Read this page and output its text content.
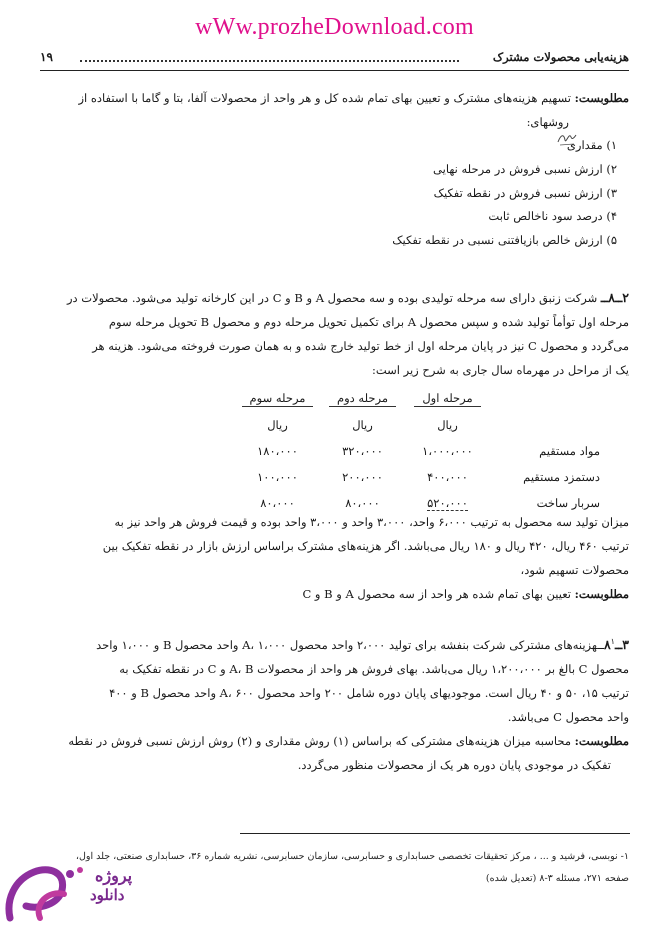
wWw.prozheDownload.com
هزینه‌یابی محصولات مشترک
۱۹
مطلوبست: تسهیم هزینه‌های مشترک و تعیین بهای تمام شده کل و هر واحد از محصولات آلفا، بتا و گاما با استفاده از
روشهای:
۱) مقداری
۲) ارزش نسبی فروش در مرحله نهایی
۳) ارزش نسبی فروش در نقطه تفکیک
۴) درصد سود ناخالص ثابت
۵) ارزش خالص بازیافتنی نسبی در نقطه تفکیک
۲ــ۸ــ شرکت زنبق دارای سه مرحله تولیدی بوده و سه محصول A و B و C در این کارخانه تولید می‌شود. محصولات در
مرحله اول توأماً تولید شده و سپس محصول A برای تکمیل تحویل مرحله دوم و محصول B تحویل مرحله سوم
می‌گردد و محصول C نیز در پایان مرحله اول از خط تولید خارج شده و به همان صورت فروخته می‌شود. هزینه هر
یک از مراحل در مهرماه سال جاری به شرح زیر است:
	مرحله اول	مرحله دوم	مرحله سوم
	ریال	ریال	ریال
مواد مستقیم	۱،۰۰۰،۰۰۰	۳۲۰،۰۰۰	۱۸۰،۰۰۰
دستمزد مستقیم	۴۰۰،۰۰۰	۲۰۰،۰۰۰	۱۰۰،۰۰۰
سربار ساخت	۵۲۰،۰۰۰	۸۰،۰۰۰	۸۰،۰۰۰
میزان تولید سه محصول به ترتیب ۶،۰۰۰ واحد، ۳،۰۰۰ واحد و ۳،۰۰۰ واحد بوده و قیمت فروش هر واحد نیز به
ترتیب ۴۶۰ ریال، ۴۲۰ ریال و ۱۸۰ ریال می‌باشد. اگر هزینه‌های مشترک براساس ارزش بازار در نقطه تفکیک بین
محصولات تسهیم شود،
مطلوبست: تعیین بهای تمام شده هر واحد از سه محصول A و B و C
$۳ــ۸^۱ــهزینه‌های$ مشترکی شرکت بنفشه برای تولید ۲،۰۰۰ واحد محصول A، ۱،۰۰۰ واحد محصول B و ۱،۰۰۰ واحد
محصول C بالغ بر ۱،۲۰۰،۰۰۰ ریال می‌باشد. بهای فروش هر واحد از محصولات A، B و C در نقطه تفکیک به
ترتیب ۱۵، ۵۰ و ۴۰ ریال است. موجودیهای پایان دوره شامل ۲۰۰ واحد محصول A، ۶۰۰ واحد محصول B و ۴۰۰
واحد محصول C می‌باشد.
مطلوبست: محاسبه میزان هزینه‌های مشترکی که براساس (۱) روش مقداری و (۲) روش ارزش نسبی فروش در نقطه
تفکیک در موجودی پایان دوره هر یک از محصولات منظور می‌گردد.
۱- نوبسی، فرشید و ... ، مرکز تحقیقات تخصصی حسابداری و حسابرسی، سازمان حسابرسی، نشریه شماره ۳۶، حسابداری صنعتی، جلد اول،
صفحه ۲۷۱، مسئله ۳-۸ (تعدیل شده)
پروژه
دانلود
